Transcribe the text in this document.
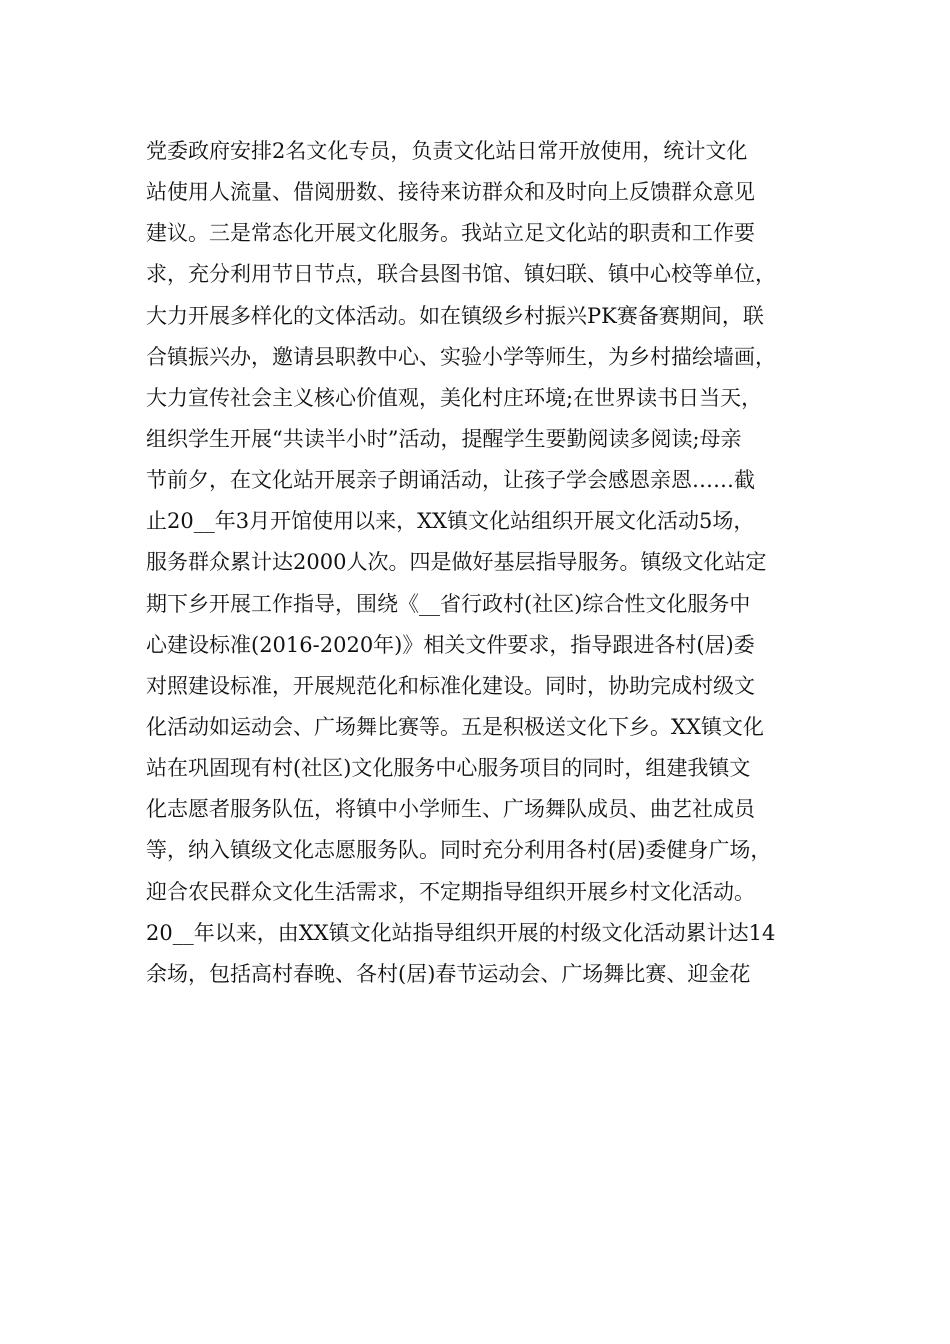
党委政府安排2名文化专员，负责文化站日常开放使用，统计文化
站使用人流量、借阅册数、接待来访群众和及时向上反馈群众意见
建议。三是常态化开展文化服务。我站立足文化站的职责和工作要
求，充分利用节日节点，联合县图书馆、镇妇联、镇中心校等单位，
大力开展多样化的文体活动。如在镇级乡村振兴PK赛备赛期间，联
合镇振兴办，邀请县职教中心、实验小学等师生，为乡村描绘墙画，
大力宣传社会主义核心价值观，美化村庄环境;在世界读书日当天，
组织学生开展“共读半小时”活动，提醒学生要勤阅读多阅读;母亲
节前夕，在文化站开展亲子朗诵活动，让孩子学会感恩亲恩……截
止20__年3月开馆使用以来，XX镇文化站组织开展文化活动5场，
服务群众累计达2000人次。四是做好基层指导服务。镇级文化站定
期下乡开展工作指导，围绕《__省行政村(社区)综合性文化服务中
心建设标准(2016-2020年)》相关文件要求，指导跟进各村(居)委
对照建设标准，开展规范化和标准化建设。同时，协助完成村级文
化活动如运动会、广场舞比赛等。五是积极送文化下乡。XX镇文化
站在巩固现有村(社区)文化服务中心服务项目的同时，组建我镇文
化志愿者服务队伍，将镇中小学师生、广场舞队成员、曲艺社成员
等，纳入镇级文化志愿服务队。同时充分利用各村(居)委健身广场，
迎合农民群众文化生活需求，不定期指导组织开展乡村文化活动。
20__年以来，由XX镇文化站指导组织开展的村级文化活动累计达14
余场，包括高村春晚、各村(居)春节运动会、广场舞比赛、迎金花
